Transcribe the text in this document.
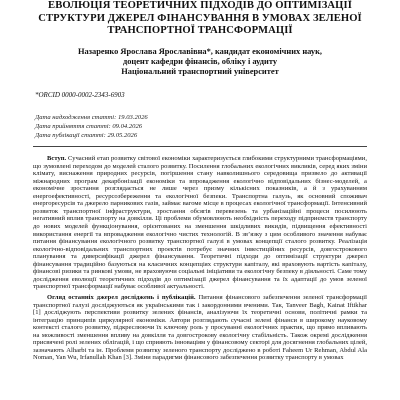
ЕВОЛЮЦІЯ ТЕОРЕТИЧНИХ ПІДХОДІВ ДО ОПТИМІЗАЦІЇ СТРУКТУРИ ДЖЕРЕЛ ФІНАНСУВАННЯ В УМОВАХ ЗЕЛЕНОЇ ТРАНСПОРТНОЇ ТРАНСФОРМАЦІЇ
Назаренко Ярослава Ярославівна*, кандидат економічних наук,
доцент кафедри фінансів, обліку і аудиту
Національний транспортний університет
*ORCID 0000-0002-2343-6903
Дата надходження статті: 19.03.2026
Дата прийняття статті: 09.04.2026
Дата публікації статті: 29.05.2026

Вступ. Сучасний етап розвитку світової економіки характеризується глибокими структурними трансформаціями, що зумовлені переходом до моделей сталого розвитку. Посилення глобальних екологічних викликів, серед яких зміни клімату, виснаження природних ресурсів, погіршення стану навколишнього середовища призвело до активації міжнародних програм декарбонізації економіки та впровадження екологічно відповідальних бізнес-моделей, а економічне зростання розглядається не лише через призму кількісних показників, а й з урахуванням енергоефективності, ресурсозбереження та екологічної безпеки. Транспортна галузь, як основний споживач енергоресурсів та джерело парникових газів, займає вагоме місце в процесах екологічної трансформації. Інтенсивний розвиток транспортної інфраструктури, зростання обсягів перевезень та урбанізаційні процеси посилюють негативний вплив транспорту на довкілля. Ці проблеми обумовлюють необхідність переходу підприємств транспорту до нових моделей функціонування, орієнтованих на зменшення шкідливих викидів, підвищення ефективності використання енергії та впровадження екологічно чистих технологій. В зв’язку з цим особливого значення набуває питання фінансування екологічного розвитку транспортної галузі в умовах концепції сталого розвитку. Реалізація екологічно-відповідальних транспортних проектів потребує значних інвестиційних ресурсів, довгострокового планування та диверсифікації джерел фінансування. Теоретичні підходи до оптимізації структури джерел фінансування традиційно базуються на класичних концепціях структури капіталу, які враховують вартість капіталу, фінансові ризики та ринкові умови, не враховуючи соціальні ініціативи та екологічну безпеку в діяльності. Саме тому дослідження еволюції теоретичних підходів до оптимізації джерел фінансування та їх адаптації до умов зеленої транспортної трансформації набуває особливої актуальності.

Огляд останніх джерел досліджень і публікацій. Питання фінансового забезпечення зеленої трансформації транспортної галузі досліджуються як українськими так і закордонними вченими. Так, Tanveer Bagh, Kainat Iftikhar [1] досліджують перспективи розвитку зелених фінансів, аналізуючи їх теоретичні основи, політичні рамки та інтеграцію принципів циркулярної економіки. Автори розглядають сучасні зелені фінанси в широкому науковому контексті сталого розвитку, підкреслюючи їх ключову роль у просуванні екологічних практик, що прямо впливають на можливості зменшення впливу на довкілля та довгострокову екологічну стабільність. Також окремі дослідження присвячені ролі зелених облігацій, і що сприяють інноваціям у фінансовому секторі для досягнення глобальних цілей, зазначають Alharbi та ін. Проблеми розвитку зеленого транспорту досліджено в роботі Faheem Ur Rehman, Abdul Ala Noman, Yan Wu, Irfanullah Khan [3]. Зміни парадигми фінансового забезпечення розвитку транспорту в умовах
